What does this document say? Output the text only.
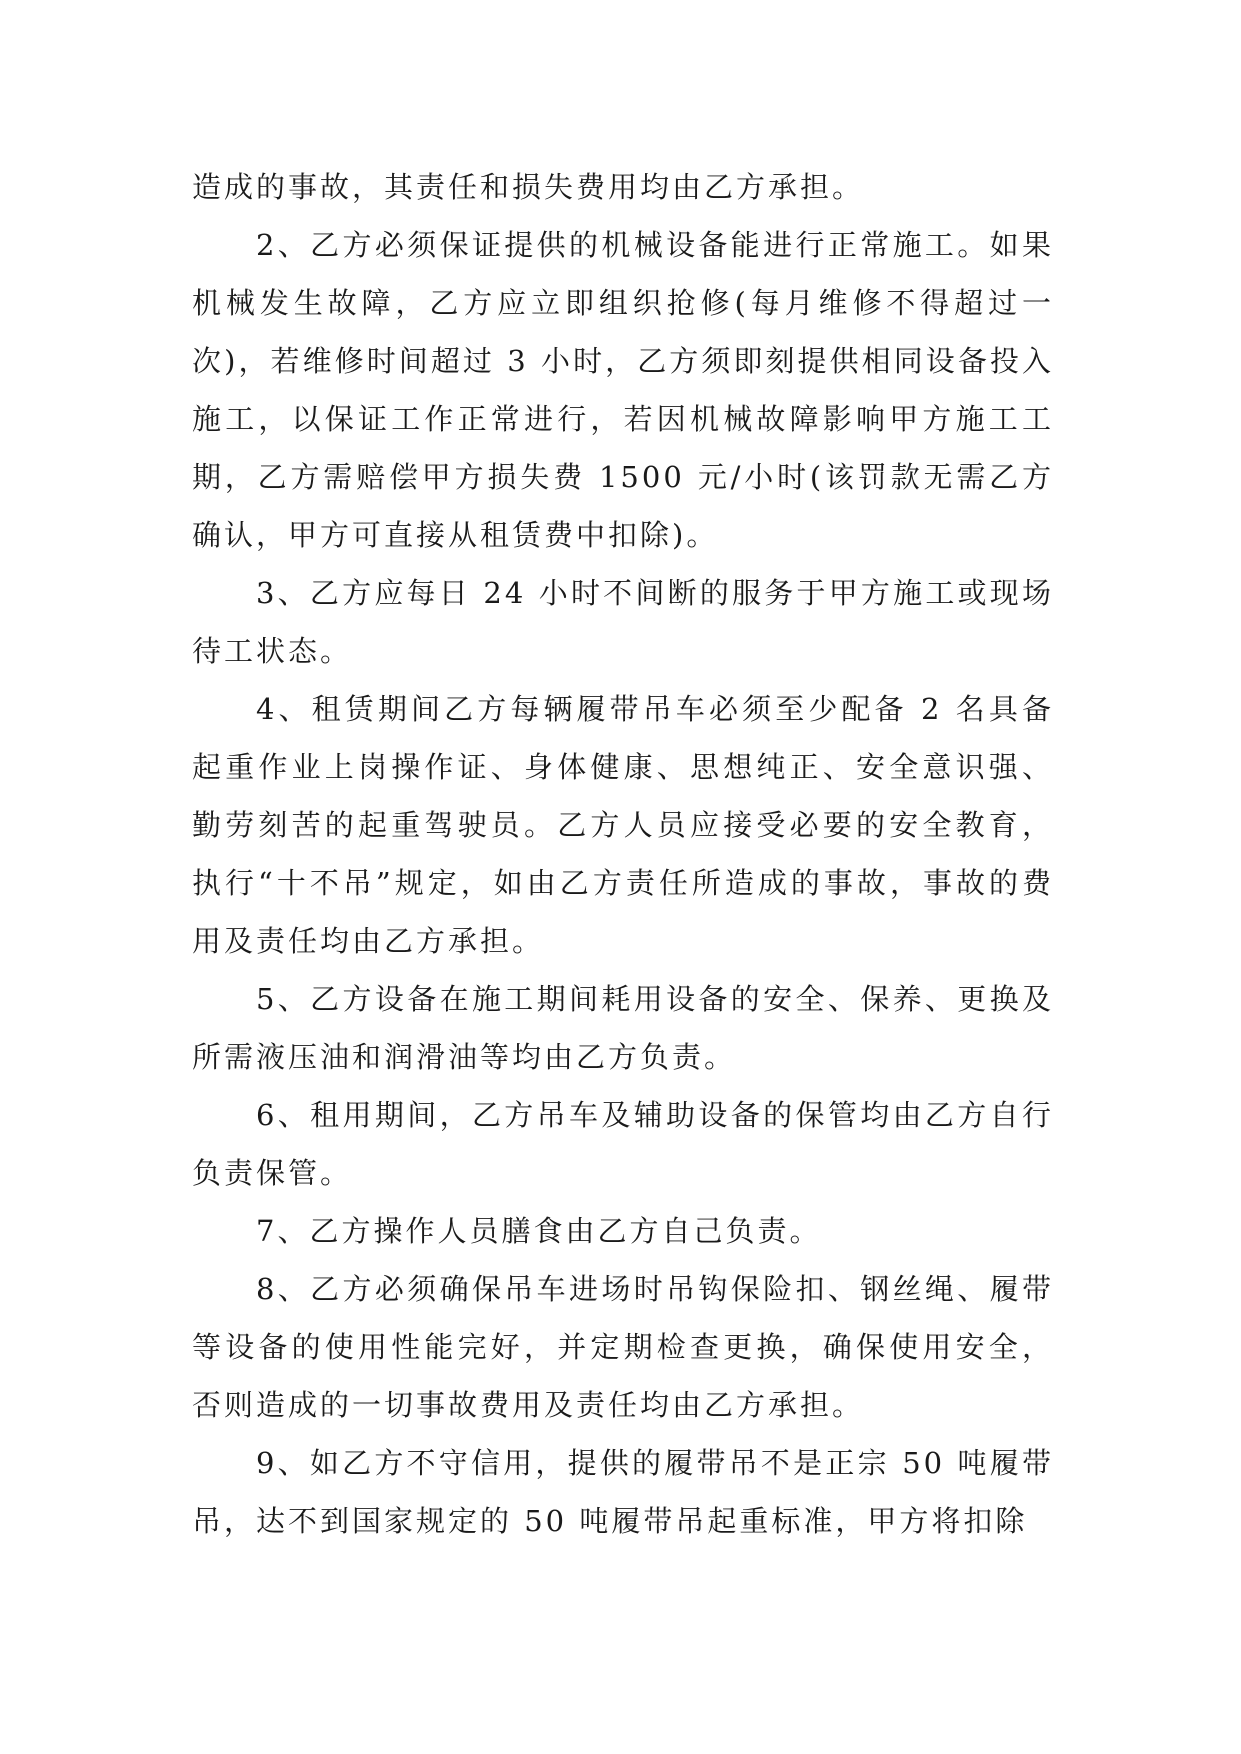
造成的事故，其责任和损失费用均由乙方承担。

2、乙方必须保证提供的机械设备能进行正常施工。如果机械发生故障，乙方应立即组织抢修(每月维修不得超过一次)，若维修时间超过 3 小时，乙方须即刻提供相同设备投入施工，以保证工作正常进行，若因机械故障影响甲方施工工期，乙方需赔偿甲方损失费 1500 元/小时(该罚款无需乙方确认，甲方可直接从租赁费中扣除)。

3、乙方应每日 24 小时不间断的服务于甲方施工或现场待工状态。

4、租赁期间乙方每辆履带吊车必须至少配备 2 名具备起重作业上岗操作证、身体健康、思想纯正、安全意识强、勤劳刻苦的起重驾驶员。乙方人员应接受必要的安全教育，执行“十不吊”规定，如由乙方责任所造成的事故，事故的费用及责任均由乙方承担。

5、乙方设备在施工期间耗用设备的安全、保养、更换及所需液压油和润滑油等均由乙方负责。

6、租用期间，乙方吊车及辅助设备的保管均由乙方自行负责保管。

7、乙方操作人员膳食由乙方自己负责。

8、乙方必须确保吊车进场时吊钩保险扣、钢丝绳、履带等设备的使用性能完好，并定期检查更换，确保使用安全，否则造成的一切事故费用及责任均由乙方承担。

9、如乙方不守信用，提供的履带吊不是正宗 50 吨履带吊，达不到国家规定的 50 吨履带吊起重标准，甲方将扣除
